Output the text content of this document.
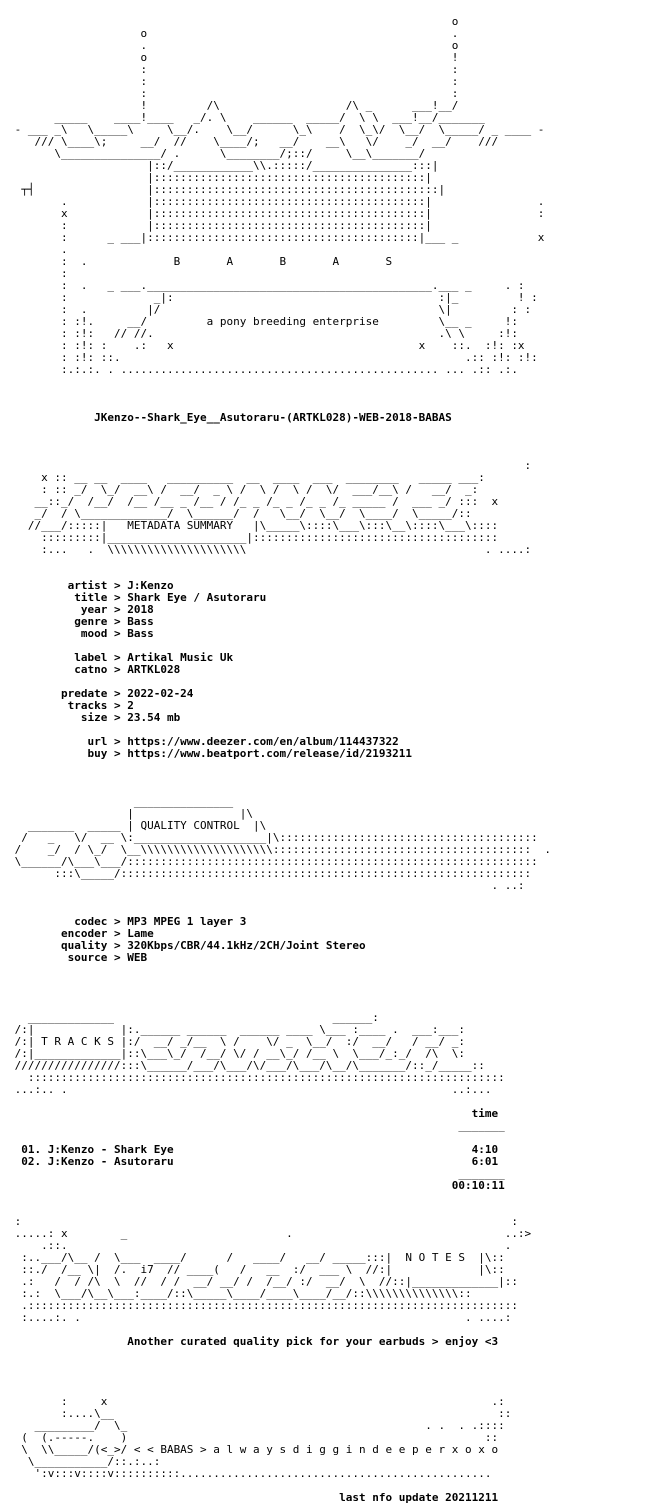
o
o                                              .
.                                              o
o                                              !
:                                              :
:                                              :
:                                              :
!         /\                   /\ _      ___!__/
_____    ____!____   _/. \    ______  _____/  \ \  ___!__/_______
- ___ _\   \_____\     \__/.    \__/      \_\    /  \_\/  \__/  \_____/ _ ____ -
/// \____\;     __/  //    \____/;   __/    __\   \/    _/  __/    ///
\_______________/ .      \________/;::/     \__\_______/
|::/____________\\.:::::/_______________:::|
|:::::::::::::::::::::::::::::::::::::::::|
┬┤                 |:::::::::::::::::::::::::::::::::::::::::::|
.            |:::::::::::::::::::::::::::::::::::::::::|                .
x            |:::::::::::::::::::::::::::::::::::::::::|                :
:            |:::::::::::::::::::::::::::::::::::::::::|
:      _ ___|:::::::::::::::::::::::::::::::::::::::::|___ _            x
.
:  .             B       A       B       A       S
:
:  .   _ ___.___________________________________________.___ _     . :
:             _|:                                        :|_         ! :
:  .         |/                                          \|         : :
: :!.     __/         a pony breeding enterprise         \__ _     !:
: :!:   // //.                                           .\ \     :!:
: :!: :    .:   x                                     x    ::.  :!: :x
: :!: ::.                                                    .:: :!: :!:
:.:.:. . ................................................ ... .:: .:.
JKenzo--Shark_Eye__Asutoraru-(ARTKL028)-WEB-2018-BABAS
:
x :: __ __  ____   __________  __  ____  ___  ________   _____ ___:
: :: _/  \_/  __\ /  __/  _ \ /  \ /  \ /  \/  ___/__\ /   __/  _:
__::_/  /__/  /__ /__ _ /__ / /_ _ /_ _ /_ _ /_ _____ /  ___ _/ :::  x
_/  / \_____________/  \______/  /   \__/  \__/  \____/  \_____/::
//___/:::::|   METADATA SUMMARY   |\_____\::::\___\:::\__\::::\___\::::
:::::::::|_____________________|:::::::::::::::::::::::::::::::::::::
:...   .  \\\\\\\\\\\\\\\\\\\\\                                    . ....:
artist > J:Kenzo
title > Shark Eye / Asutoraru
year > 2018
genre > Bass
mood > Bass
label > Artikal Music Uk
catno > ARTKL028
predate > 2022-02-24
tracks > 2
size > 23.54 mb
url > https://www.deezer.com/en/album/114437322
buy > https://www.beatport.com/release/id/2193211
_______________
|                |\
_______  _____ | QUALITY CONTROL  |\
/   _   \/  __ \:____________________|\:::::::::::::::::::::::::::::::::::::::
/    _/  / \_/  \__\\\\\\\\\\\\\\\\\\\\:::::::::::::::::::::::::::::::::::::::  .
\______/\___\___/::::::::::::::::::::::::::::::::::::::::::::::::::::::::::::::
:::\_____/::::::::::::::::::::::::::::::::::::::::::::::::::::::::::::::
. ..:
codec > MP3 MPEG 1 layer 3
encoder > Lame
quality > 320Kbps/CBR/44.1kHz/2CH/Joint Stereo
source > WEB
_____________                                 ______:
/:|             |:.______ ______  ______ ____ \___ :____ .  ___:___:
/:| T R A C K S |:/  __/ _/__  \ /    \/ _  \__/  :/  __/   / __/ _:
/:|_____________|::\___\_/  /__/ \/ / __\_/ /__ \  \___/_:_/  /\  \:
////////////////:::\______/___/\___/\/___/\___/\__/\_______/::_/_____::
::::::::::::::::::::::::::::::::::::::::::::::::::::::::::::::::::::::::
...:.. .                                                          ..:...
time
_______
01. J:Kenzo - Shark Eye                                             4:10
02. J:Kenzo - Asutoraru                                             6:01
_______
00:10:11
:                                                                          :
.....: x        _                        .                                ..:>
.::.                                                                  .
:..___/\__ /  \___  ____/      /   ____/   __/ _____:::|  N O T E S  |\::
::./  /__ \|  /.  i7  // ____(   /   __  :/  ___ \  //:|             |\::
.:   /  / /\  \  //  / /  __/ __/ /  /__/ :/  __/  \  //::|_____________|::
:.:  \___/\__\___:____/::\_____\____/____\____/__/::\\\\\\\\\\\\\\::
.::::::::::::::::::::::::::::::::::::::::::::::::::::::::::::::::::::::::::
:....:. .                                                          . ....:
Another curated quality pick for your earbuds > enjoy <3
:     x                                                          .:
:....\__                                                          ::
_________/  \_                                             . .  . .::::
(  (.-----.    )                                                      ::
\  \\_____/(<_>/ < < BABAS > a l w a y s d i g g i n d e e p e r x o x o
\___________/::.:..:
':v:::v::::v::::::::::...............................................
last nfo update 20211211
